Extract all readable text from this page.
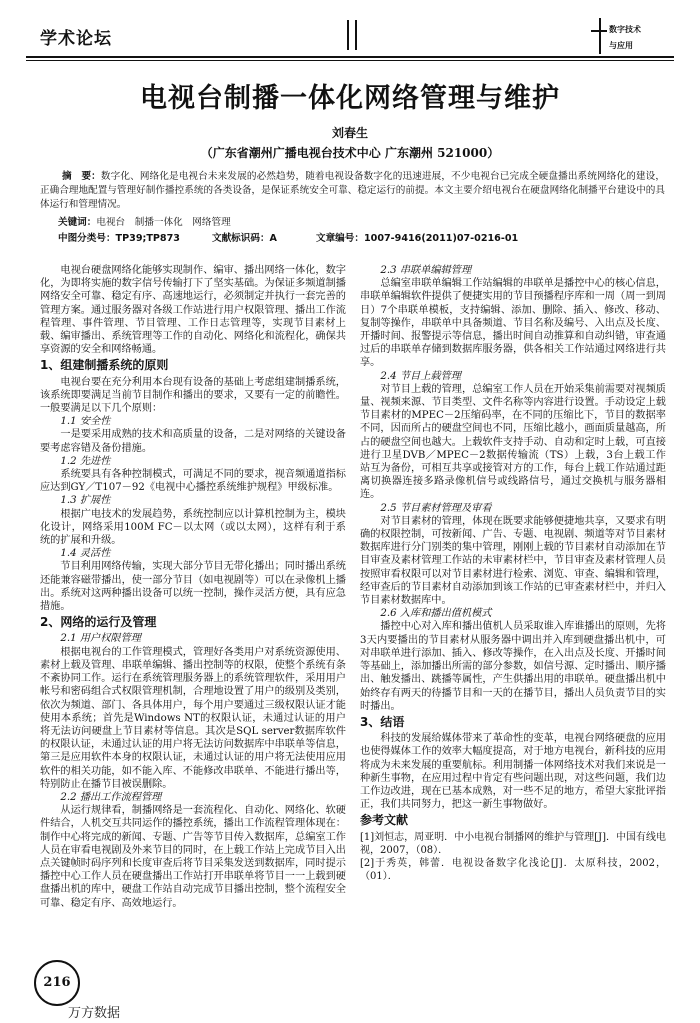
学术论坛	数字技术
与应用
电视台制播一体化网络管理与维护
刘春生
（广东省潮州广播电视台技术中心 广东潮州 521000）
摘　要：数字化、网络化是电视台未来发展的必然趋势，随着电视设备数字化的迅速进展，不少电视台已完成全硬盘播出系统网络化的建设，正确合理地配置与管理好制作播控系统的各类设备，是保证系统安全可靠、稳定运行的前提。本文主要介绍电视台在硬盘网络化制播平台建设中的具体运行和管理情况。
关键词：电视台　制播一体化　网络管理
中图分类号：TP39;TP873	文献标识码：A	文章编号：1007-9416(2011)07-0216-01

电视台硬盘网络化能够实现制作、编审、播出网络一体化，数字化，为即将实施的数字信号传输打下了坚实基础。为保证多频道制播网络安全可靠、稳定有序、高速地运行，必须制定并执行一套完善的管理方案。通过服务器对各级工作站进行用户权限管理、播出工作流程管理、事件管理、节目管理、工作日志管理等，实现节目素材上载、编审播出、系统管理等工作的自动化、网络化和流程化，确保共享资源的安全和网络畅通。

1、组建制播系统的原则

电视台要在充分利用本台现有设备的基础上考虑组建制播系统，该系统即要满足当前节目制作和播出的要求，又要有一定的前瞻性。一般要满足以下几个原则：

1.1 安全性

一是要采用成熟的技术和高质量的设备，二是对网络的关键设备要考虑容错及备份措施。

1.2 先进性

系统要具有各种控制模式，可满足不同的要求，视音频通道指标应达到GY／T107－92《电视中心播控系统维护规程》甲级标准。

1.3 扩展性

根据广电技术的发展趋势，系统控制应以计算机控制为主，模块化设计，网络采用100M FC－以太网（或以太网），这样有利于系统的扩展和升级。

1.4 灵活性

节目利用网络传输，实现大部分节目无带化播出；同时播出系统还能兼容磁带播出，使一部分节目（如电视剧等）可以在录像机上播出。系统对这两种播出设备可以统一控制，操作灵活方便，具有应急措施。

2、网络的运行及管理
2.1 用户权限管理

根据电视台的工作管理模式，管理好各类用户对系统资源使用、素材上载及管理、串联单编辑、播出控制等的权限，使整个系统有条不紊协同工作。运行在系统管理服务器上的系统管理软件，采用用户帐号和密码组合式权限管理机制，合理地设置了用户的级别及类别，依次为频道、部门、各具体用户，每个用户要通过三级权限认证才能使用本系统；首先是Windows NT的权限认证，未通过认证的用户将无法访问硬盘上节目素材等信息。其次是SQL server数据库软件的权限认证，未通过认证的用户将无法访问数据库中串联单等信息，第三是应用软件本身的权限认证，未通过认证的用户将无法使用应用软件的相关功能，如不能入库、不能修改串联单、不能进行播出等，特别防止在播节目被误删除。

2.2 播出工作流程管理

从运行规律看，制播网络是一套流程化、自动化、网络化、软硬件结合，人机交互共同运作的播控系统，播出工作流程管理体现在：制作中心将完成的新闻、专题、广告等节目传入数据库，总编室工作人员在审看电视剧及外来节目的同时，在上载工作站上完成节目入出点关键帧时码序列和长度审查后将节目采集发送到数据库，同时提示播控中心工作人员在硬盘播出工作站打开串联单将节目一一上载到硬盘播出机的库中，硬盘工作站自动完成节目播出控制，整个流程安全可靠、稳定有序、高效地运行。

2.3 串联单编辑管理

总编室串联单编辑工作站编辑的串联单是播控中心的核心信息，串联单编辑软件提供了便捷实用的节目预播程序库和一周（周一到周日）7个串联单模板，支持编辑、添加、删除、插入、修改、移动、复制等操作，串联单中具备频道、节目名称及编号、入出点及长度、开播时间、报警提示等信息，播出时间自动推算和自动纠错，审查通过后的串联单存储到数据库服务器，供各相关工作站通过网络进行共享。

2.4 节目上载管理

对节目上载的管理，总编室工作人员在开始采集前需要对视频质量、视频来源、节目类型、文件名称等内容进行设置。手动设定上载节目素材的MPEC－2压缩码率，在不同的压缩比下，节目的数据率不同，因而所占的硬盘空间也不同，压缩比越小，画面质量越高，所占的硬盘空间也越大。上载软件支持手动、自动和定时上载，可直接进行卫星DVB／MPEC－2数据传输流（TS）上载，3台上载工作站互为备份，可相互共享或接管对方的工作，每台上载工作站通过距离切换器连接多路录像机信号或线路信号，通过交换机与服务器相连。

2.5 节目素材管理及审看

对节目素材的管理，体现在既要求能够便捷地共享，又要求有明确的权限控制，可按新闻、广告、专题、电视剧、频道等对节目素材数据库进行分门别类的集中管理，刚刚上载的节目素材自动添加在节目审查及素材管理工作站的未审素材栏中，节目审查及素材管理人员按照审看权限可以对节目素材进行检索、浏览、审查、编辑和管理，经审查后的节目素材自动添加到该工作站的已审查素材栏中，并归入节目素材数据库中。

2.6 入库和播出值机模式

播控中心对入库和播出值机人员采取谁入库谁播出的原则，先将3天内要播出的节目素材从服务器中调出并入库到硬盘播出机中，可对串联单进行添加、插入、修改等操作，在入出点及长度、开播时间等基础上，添加播出所需的部分参数，如信号源、定时播出、顺序播出、触发播出、跳播等属性，产生供播出用的串联单。硬盘播出机中始终存有两天的待播节目和一天的在播节目，播出人员负责节目的实时播出。

3、结语

科技的发展给媒体带来了革命性的变革，电视台网络硬盘的应用也使得媒体工作的效率大幅度提高，对于地方电视台，新科技的应用将成为未来发展的重要航标。利用制播一体网络技术对我们来说是一种新生事物，在应用过程中肯定有些问题出现，对这些问题，我们边工作边改进，现在已基本成熟，对一些不足的地方，希望大家批评指正，我们共同努力，把这一新生事物做好。

参考文献

[1]刘恒志，周亚明．中小电视台制播网的维护与管理[J]．中国有线电视，2007，（08）．

[2]于秀英，韩蕾．电视设备数字化浅论[J]．太原科技，2002，（01）．

216
万方数据
